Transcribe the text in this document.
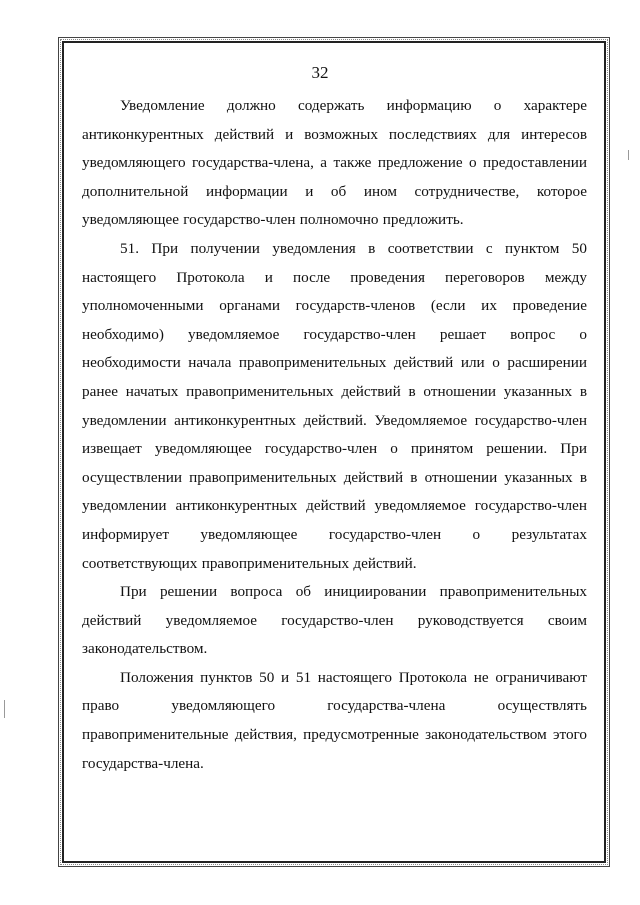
32

Уведомление должно содержать информацию о характере антиконкурентных действий и возможных последствиях для интересов уведомляющего государства-члена, а также предложение о предоставлении дополнительной информации и об ином сотрудничестве, которое уведомляющее государство-член полномочно предложить.

51. При получении уведомления в соответствии с пунктом 50 настоящего Протокола и после проведения переговоров между уполномоченными органами государств-членов (если их проведение необходимо) уведомляемое государство-член решает вопрос о необходимости начала правоприменительных действий или о расширении ранее начатых правоприменительных действий в отношении указанных в уведомлении антиконкурентных действий. Уведомляемое государство-член извещает уведомляющее государство-член о принятом решении. При осуществлении правоприменительных действий в отношении указанных в уведомлении антиконкурентных действий уведомляемое государство-член информирует уведомляющее государство-член о результатах соответствующих правоприменительных действий.

При решении вопроса об инициировании правоприменительных действий уведомляемое государство-член руководствуется своим законодательством.

Положения пунктов 50 и 51 настоящего Протокола не ограничивают право уведомляющего государства-члена осуществлять правоприменительные действия, предусмотренные законодательством этого государства-члена.
